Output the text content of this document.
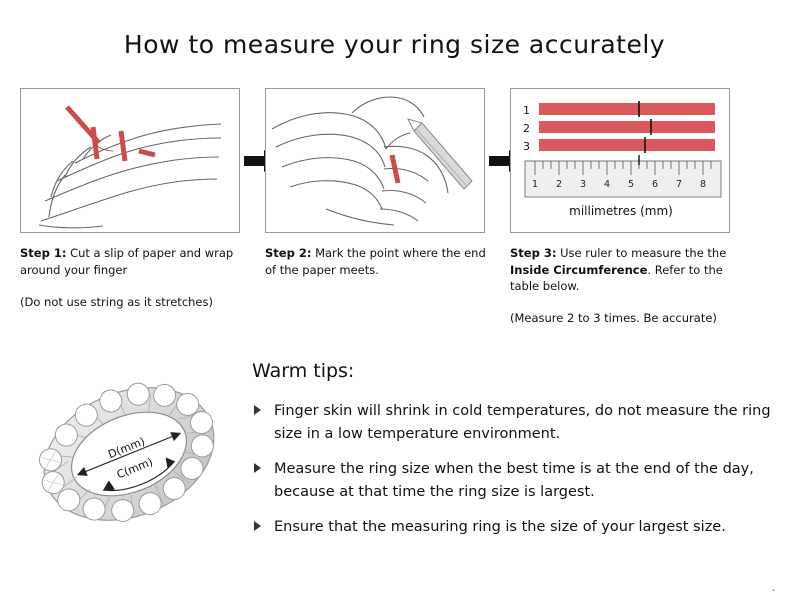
How to measure your ring size accurately
Step 1: Cut a slip of paper and wrap around your finger
(Do not use string as it stretches)
Step 2: Mark the point where the end of the paper meets.
1
2
3
1 2 3 4 5 6 7 8
millimetres (mm)
Step 3: Use ruler to measure the the Inside Circumference. Refer to the table below.
(Measure 2 to 3 times. Be accurate)
D(mm)
C(mm)
Warm tips:
Finger skin will shrink in cold temperatures, do not measure the ring size in a low temperature environment.
Measure the ring size when the best time is at the end of the day, because at that time the ring size is largest.
Ensure that the measuring ring is the size of your largest size.
.
